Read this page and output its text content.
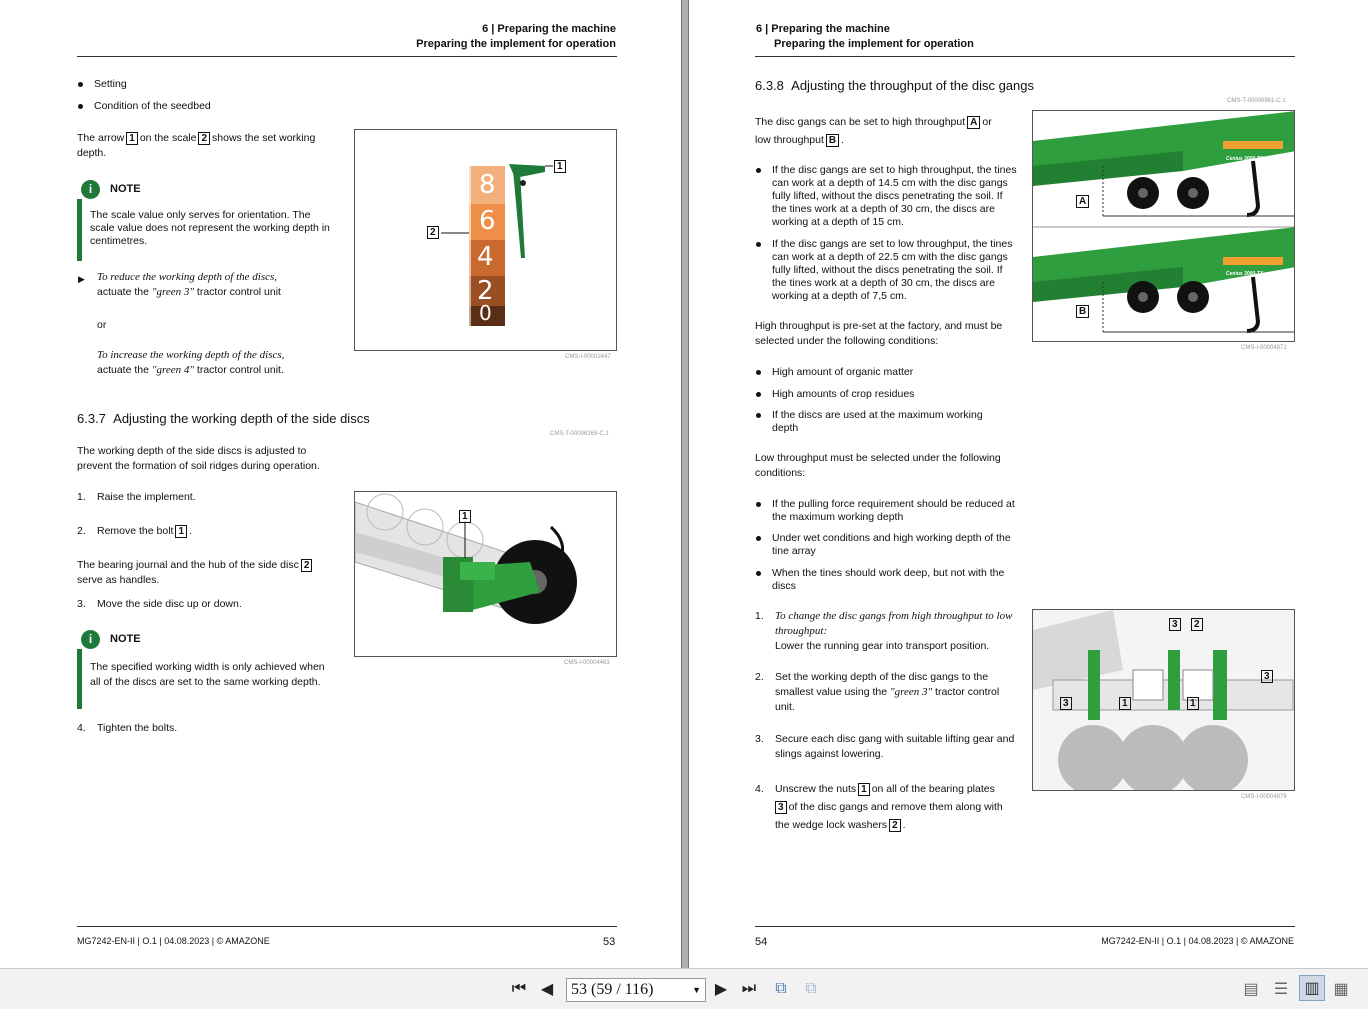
6 | Preparing the machine
Preparing the implement for operation
Setting
Condition of the seedbed
The arrow 1 on the scale 2 shows the set working
depth.
i	NOTE
The scale value only serves for orientation. The scale value does not represent the working depth in centimetres.
▶ To reduce the working depth of the discs,
actuate the "green 3" tractor control unit
or
To increase the working depth of the discs,
actuate the "green 4" tractor control unit.
8
6
4
2
0
1
2
CMS-I-00002447
6.3.7 Adjusting the working depth of the side discs
CMS-T-00006269-C.1
The working depth of the side discs is adjusted to prevent the formation of soil ridges during operation.
1.	Raise the implement.
2.	Remove the bolt 1 .
The bearing journal and the hub of the side disc 2
serve as handles.
3.	Move the side disc up or down.
i	NOTE
The specified working width is only achieved when all of the discs are set to the same working depth.
4.	Tighten the bolts.
1
CMS-I-00004463
MG7242-EN-II | O.1 | 04.08.2023 | © AMAZONE	53
6 | Preparing the machine
Preparing the implement for operation
6.3.8 Adjusting the throughput of the disc gangs
CMS-T-00006961-C.1
The disc gangs can be set to high throughput A or
low throughput B .
If the disc gangs are set to high throughput, the tines can work at a depth of 14.5 cm with the disc gangs fully lifted, without the discs penetrating the soil. If the tines work at a depth of 30 cm, the discs are working at a depth of 15 cm.
If the disc gangs are set to low throughput, the tines can work at a depth of 22.5 cm with the disc gangs fully lifted, without the discs penetrating the soil. If the tines work at a depth of 30 cm, the discs are working at a depth of 7,5 cm.
High throughput is pre-set at the factory, and must be selected under the following conditions:
High amount of organic matter
High amounts of crop residues
If the discs are used at the maximum working depth
Low throughput must be selected under the following conditions:
If the pulling force requirement should be reduced at the maximum working depth
Under wet conditions and high working depth of the tine array
When the tines should work deep, but not with the discs
1.	To change the disc gangs from high throughput to low throughput:
Lower the running gear into transport position.
2.	Set the working depth of the disc gangs to the smallest value using the "green 3" tractor control unit.
3.	Secure each disc gang with suitable lifting gear and slings against lowering.
4.	Unscrew the nuts 1 on all of the bearing plates
3 of the disc gangs and remove them along with
the wedge lock washers 2 .
Cenius 3000-TX
Cenius 3000-TX
A
B
CMS-I-00004871
3	2
1
3	1
3
CMS-I-00004879
54	MG7242-EN-II | O.1 | 04.08.2023 | © AMAZONE
⏮ ◀	▶ ⏭	⧉	⧉	▤ ☰	▥ ▦
53 (59 / 116)	▼
